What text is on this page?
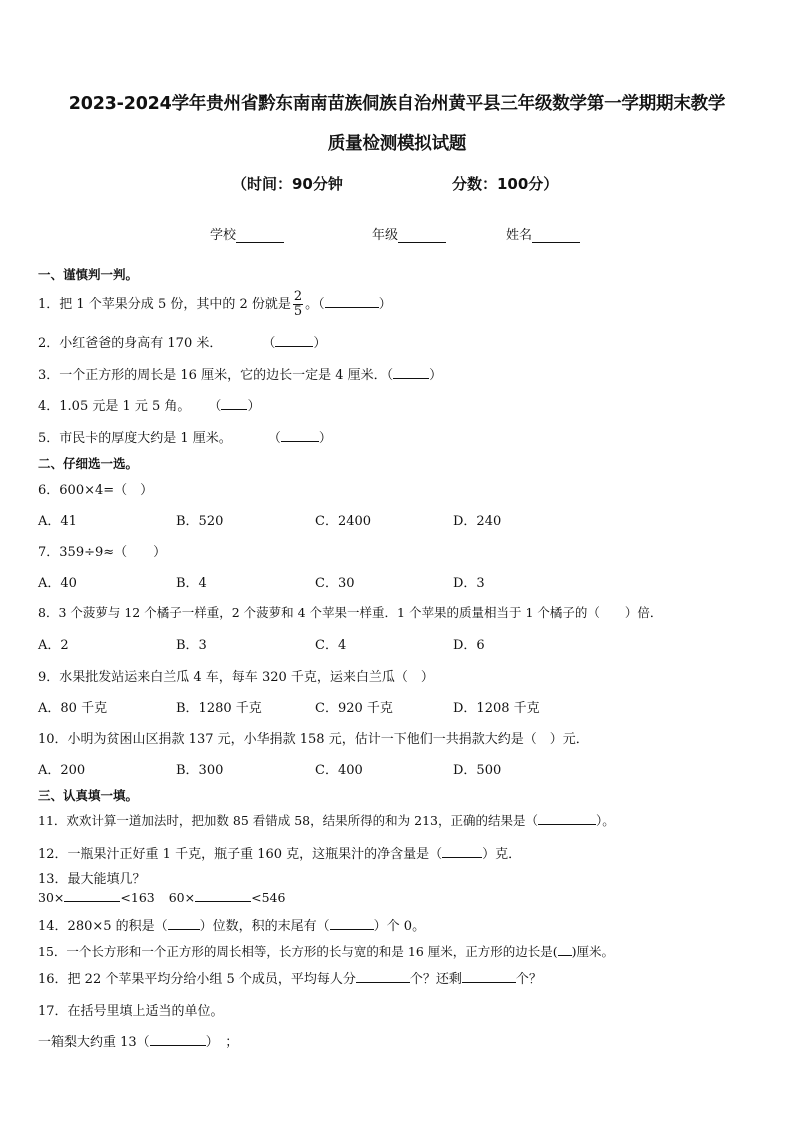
2023-2024学年贵州省黔东南南苗族侗族自治州黄平县三年级数学第一学期期末教学
质量检测模拟试题
（时间：90分钟	分数：100分）
学校	年级	姓名
一、谨慎判一判。
1．把 1 个苹果分成 5 份，其中的 2 份就是 $\frac{2}{5}$ 。（	）
2．小红爸爸的身高有 170 米．	（	）
3．一个正方形的周长是 16 厘米，它的边长一定是 4 厘米．（	）
4．1.05 元是 1 元 5 角。 （ ）
5．市民卡的厚度大约是 1 厘米。	（	）
二、仔细选一选。
6．600×4=（　）
A．41	B．520	C．2400	D．240
7．359÷9≈（　　）
A．40	B．4	C．30	D．3
8．3 个菠萝与 12 个橘子一样重，2 个菠萝和 4 个苹果一样重．1 个苹果的质量相当于 1 个橘子的（　　）倍．
A．2	B．3	C．4	D．6
9．水果批发站运来白兰瓜 4 车，每车 320 千克，运来白兰瓜（　）
A．80 千克	B．1280 千克	C．920 千克	D．1208 千克
10．小明为贫困山区捐款 137 元，小华捐款 158 元，估计一下他们一共捐款大约是（　）元．
A．200	B．300	C．400	D．500
三、认真填一填。
11．欢欢计算一道加法时，把加数 85 看错成 58，结果所得的和为 213，正确的结果是（	）。
12．一瓶果汁正好重 1 千克，瓶子重 160 克，这瓶果汁的净含量是（	）克．
13．最大能填几？
30×	<163 60×	<546
14．280×5 的积是（ ）位数，积的末尾有（	）个 0。
15．一个长方形和一个正方形的周长相等，长方形的长与宽的和是 16 厘米，正方形的边长是( )厘米。
16．把 22 个苹果平均分给小组 5 个成员，平均每人分	个？还剩	个？
17．在括号里填上适当的单位。
一箱梨大约重 13（	）　；
